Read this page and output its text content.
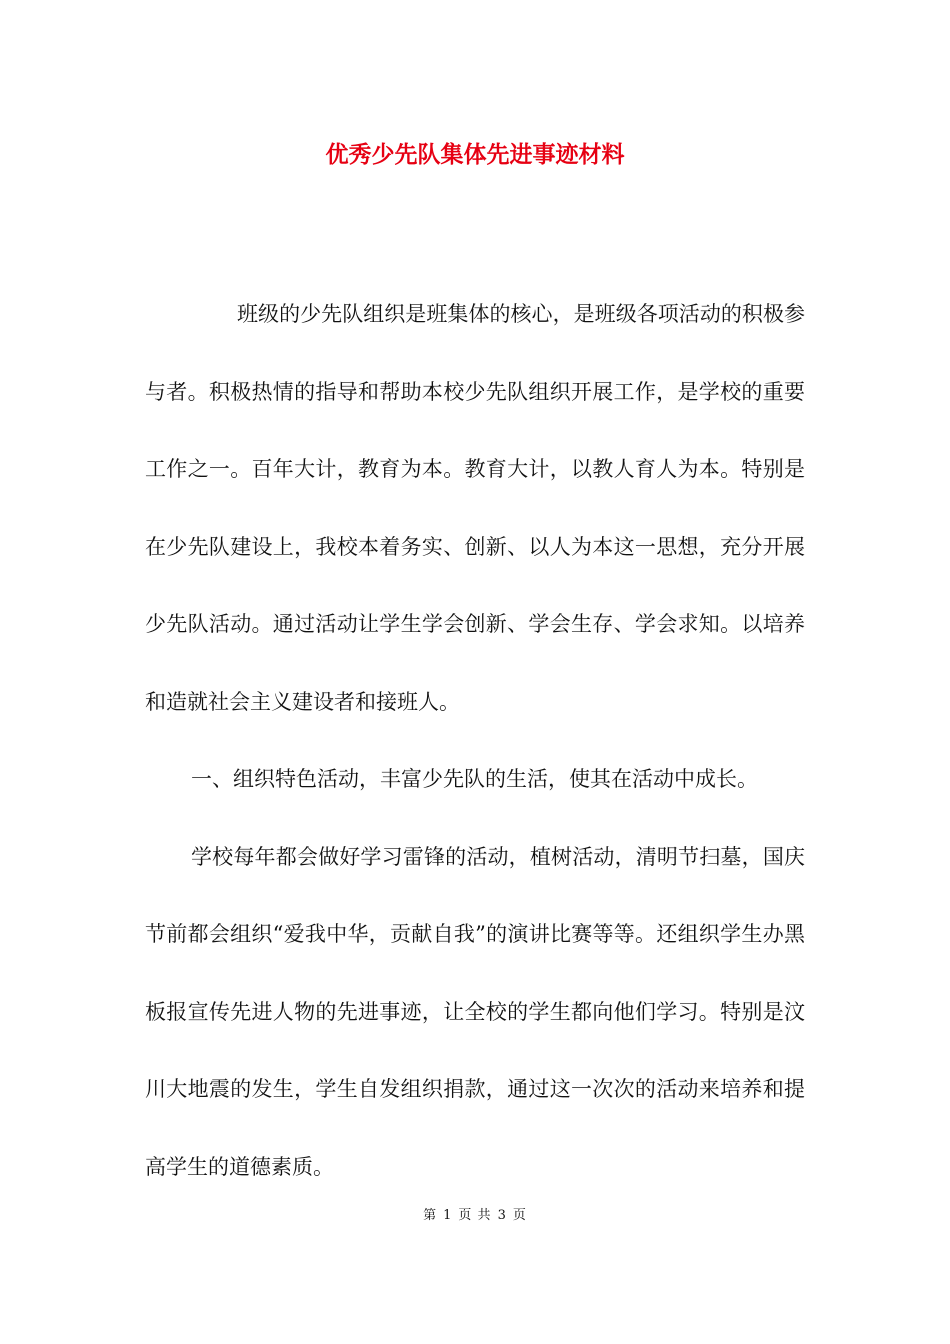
优秀少先队集体先进事迹材料

班级的少先队组织是班集体的核心，是班级各项活动的积极参与者。积极热情的指导和帮助本校少先队组织开展工作，是学校的重要工作之一。百年大计，教育为本。教育大计，以教人育人为本。特别是在少先队建设上，我校本着务实、创新、以人为本这一思想，充分开展少先队活动。通过活动让学生学会创新、学会生存、学会求知。以培养和造就社会主义建设者和接班人。

一、组织特色活动，丰富少先队的生活，使其在活动中成长。

学校每年都会做好学习雷锋的活动，植树活动，清明节扫墓，国庆节前都会组织“爱我中华，贡献自我”的演讲比赛等等。还组织学生办黑板报宣传先进人物的先进事迹，让全校的学生都向他们学习。特别是汶川大地震的发生，学生自发组织捐款，通过这一次次的活动来培养和提高学生的道德素质。

第 1 页 共 3 页
